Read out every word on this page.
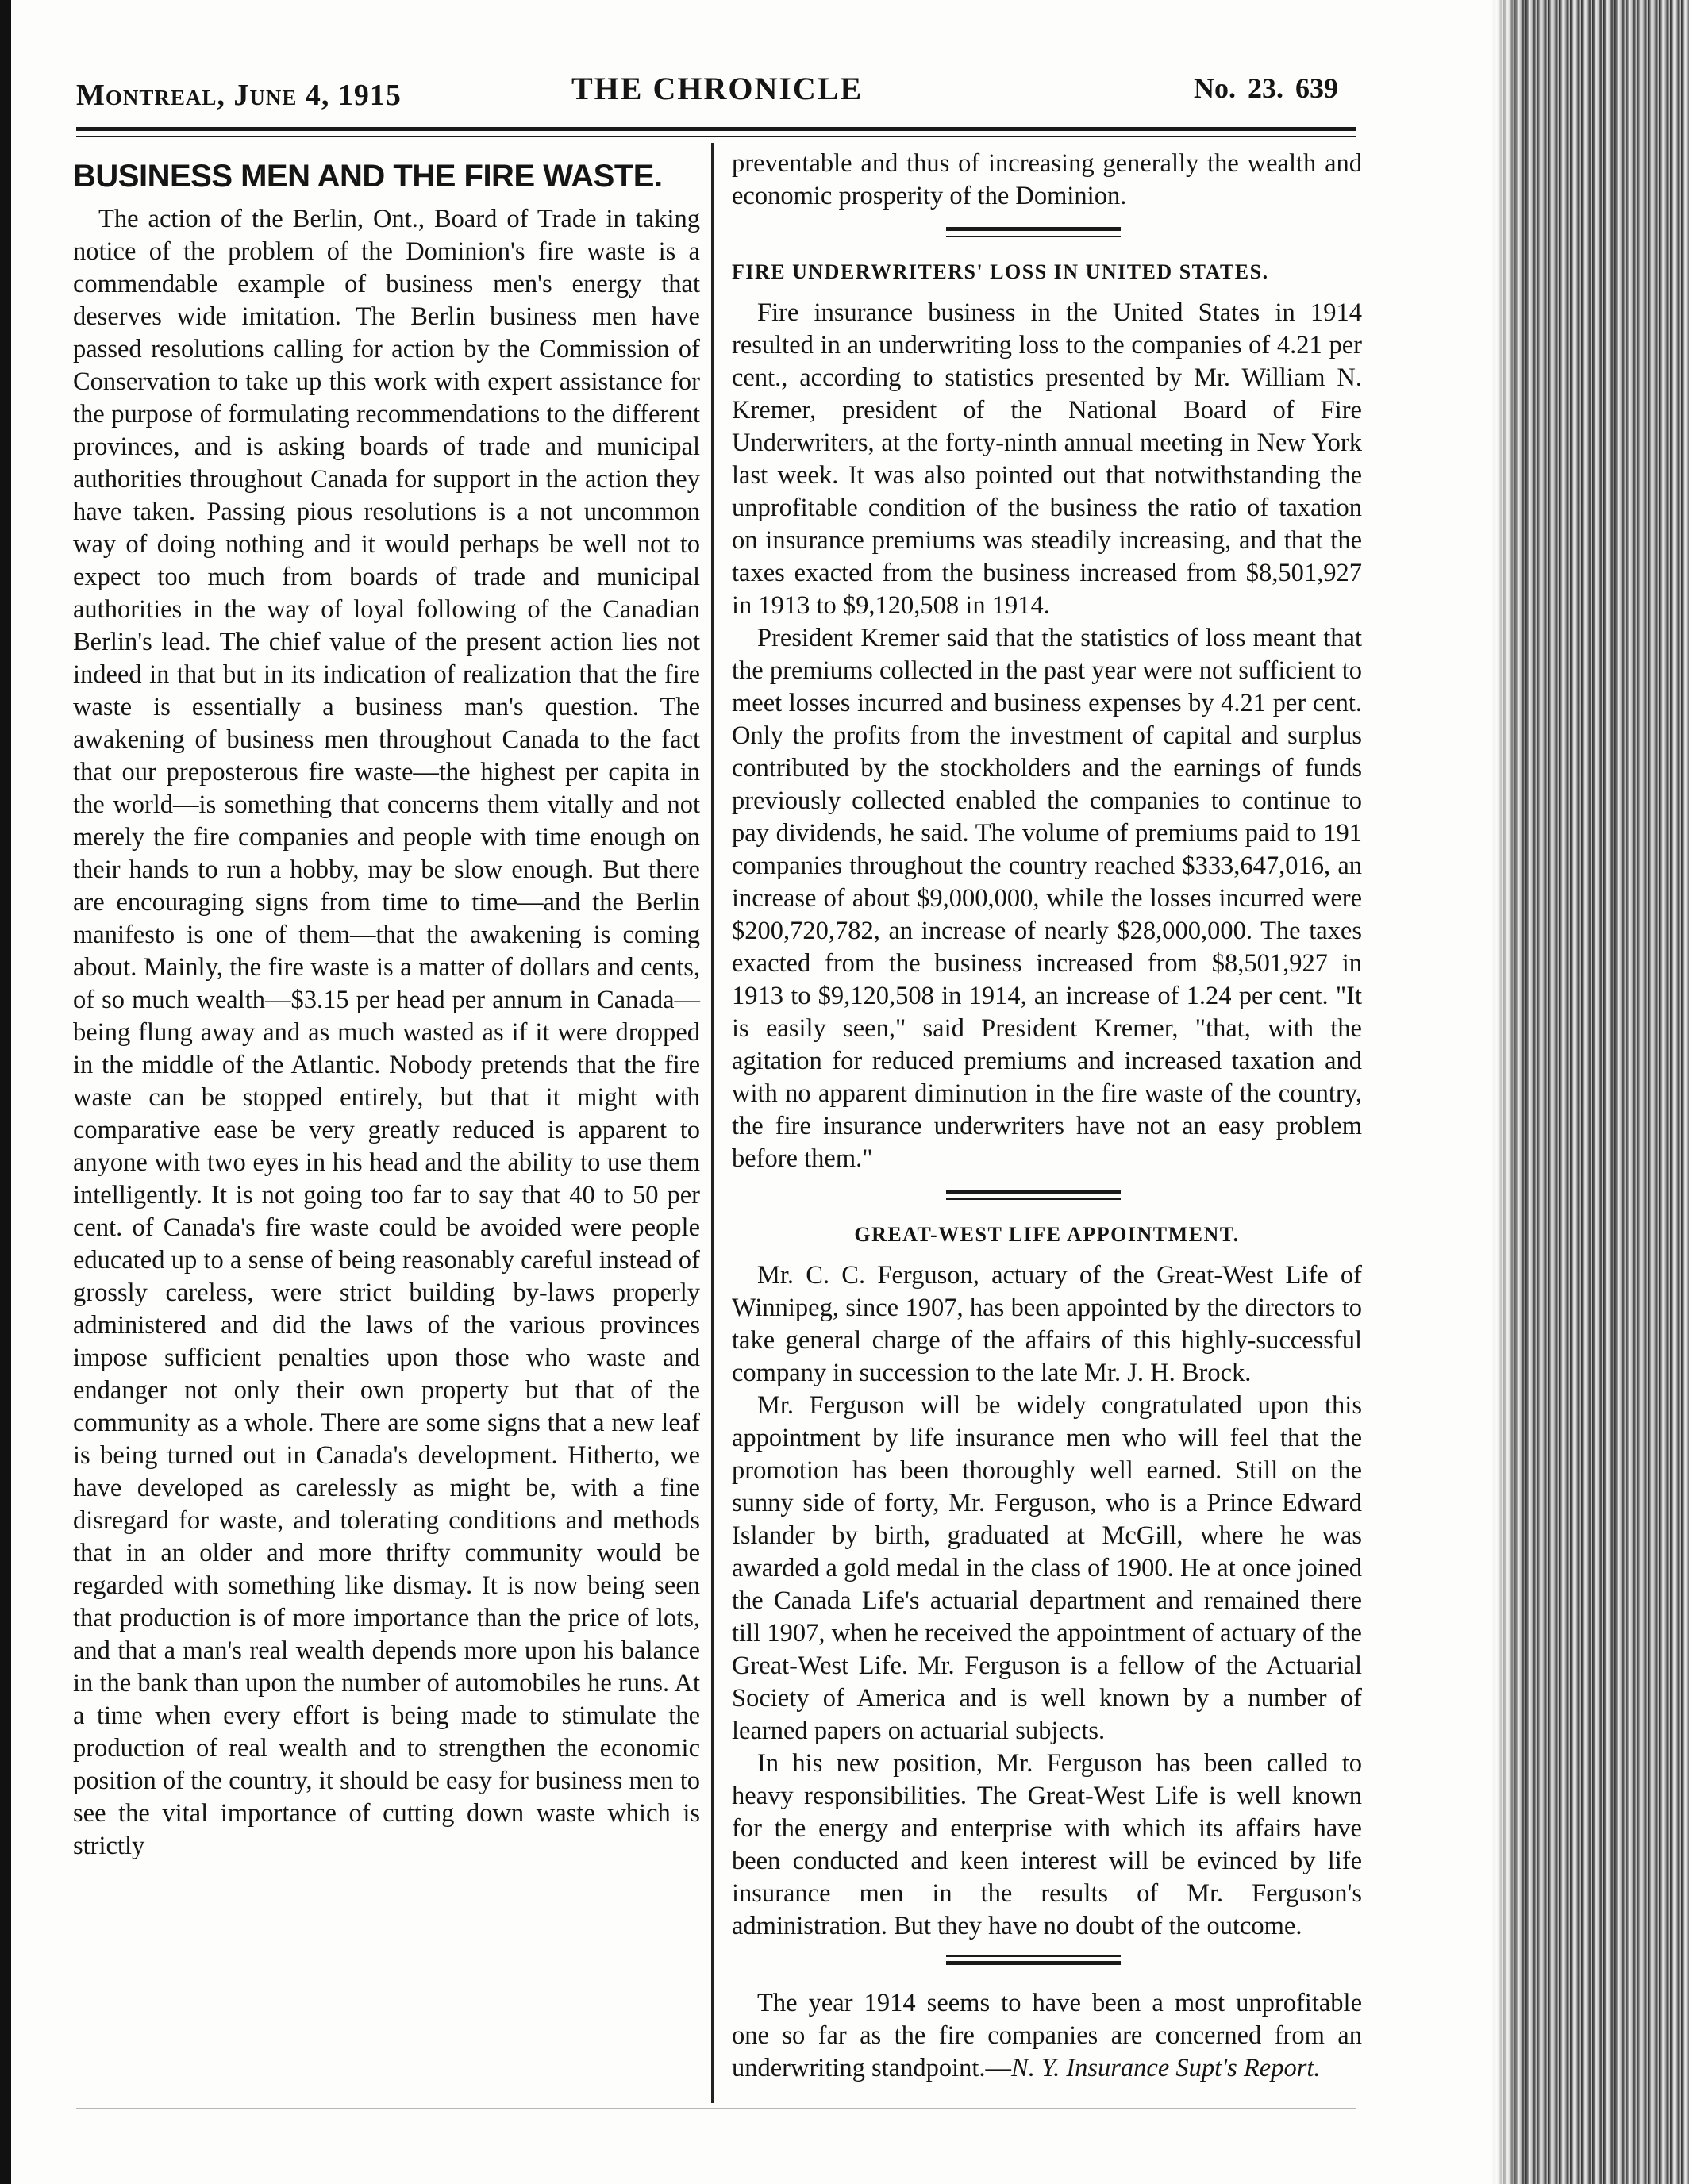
Montreal, June 4, 1915	THE CHRONICLE	No. 23. 639
BUSINESS MEN AND THE FIRE WASTE.

The action of the Berlin, Ont., Board of Trade in taking notice of the problem of the Dominion's fire waste is a commendable example of business men's energy that deserves wide imitation. The Berlin business men have passed resolutions calling for action by the Commission of Conservation to take up this work with expert assistance for the purpose of formulating recommendations to the different provinces, and is asking boards of trade and municipal authorities throughout Canada for support in the action they have taken. Passing pious resolutions is a not uncommon way of doing nothing and it would perhaps be well not to expect too much from boards of trade and municipal authorities in the way of loyal following of the Canadian Berlin's lead. The chief value of the present action lies not indeed in that but in its indication of realization that the fire waste is essentially a business man's question. The awakening of business men throughout Canada to the fact that our preposterous fire waste—the highest per capita in the world—is something that concerns them vitally and not merely the fire companies and people with time enough on their hands to run a hobby, may be slow enough. But there are encouraging signs from time to time—and the Berlin manifesto is one of them—that the awakening is coming about. Mainly, the fire waste is a matter of dollars and cents, of so much wealth—$3.15 per head per annum in Canada—being flung away and as much wasted as if it were dropped in the middle of the Atlantic. Nobody pretends that the fire waste can be stopped entirely, but that it might with comparative ease be very greatly reduced is apparent to anyone with two eyes in his head and the ability to use them intelligently. It is not going too far to say that 40 to 50 per cent. of Canada's fire waste could be avoided were people educated up to a sense of being reasonably careful instead of grossly careless, were strict building by-laws properly administered and did the laws of the various provinces impose sufficient penalties upon those who waste and endanger not only their own property but that of the community as a whole. There are some signs that a new leaf is being turned out in Canada's development. Hitherto, we have developed as carelessly as might be, with a fine disregard for waste, and tolerating conditions and methods that in an older and more thrifty community would be regarded with something like dismay. It is now being seen that production is of more importance than the price of lots, and that a man's real wealth depends more upon his balance in the bank than upon the number of automobiles he runs. At a time when every effort is being made to stimulate the production of real wealth and to strengthen the economic position of the country, it should be easy for business men to see the vital importance of cutting down waste which is strictly

preventable and thus of increasing generally the wealth and economic prosperity of the Dominion.

FIRE UNDERWRITERS' LOSS IN UNITED STATES.

Fire insurance business in the United States in 1914 resulted in an underwriting loss to the companies of 4.21 per cent., according to statistics presented by Mr. William N. Kremer, president of the National Board of Fire Underwriters, at the forty-ninth annual meeting in New York last week. It was also pointed out that notwithstanding the unprofitable condition of the business the ratio of taxation on insurance premiums was steadily increasing, and that the taxes exacted from the business increased from $8,501,927 in 1913 to $9,120,508 in 1914.

President Kremer said that the statistics of loss meant that the premiums collected in the past year were not sufficient to meet losses incurred and business expenses by 4.21 per cent. Only the profits from the investment of capital and surplus contributed by the stockholders and the earnings of funds previously collected enabled the companies to continue to pay dividends, he said. The volume of premiums paid to 191 companies throughout the country reached $333,647,016, an increase of about $9,000,000, while the losses incurred were $200,720,782, an increase of nearly $28,000,000. The taxes exacted from the business increased from $8,501,927 in 1913 to $9,120,508 in 1914, an increase of 1.24 per cent. "It is easily seen," said President Kremer, "that, with the agitation for reduced premiums and increased taxation and with no apparent diminution in the fire waste of the country, the fire insurance underwriters have not an easy problem before them."

GREAT-WEST LIFE APPOINTMENT.

Mr. C. C. Ferguson, actuary of the Great-West Life of Winnipeg, since 1907, has been appointed by the directors to take general charge of the affairs of this highly-successful company in succession to the late Mr. J. H. Brock.

Mr. Ferguson will be widely congratulated upon this appointment by life insurance men who will feel that the promotion has been thoroughly well earned. Still on the sunny side of forty, Mr. Ferguson, who is a Prince Edward Islander by birth, graduated at McGill, where he was awarded a gold medal in the class of 1900. He at once joined the Canada Life's actuarial department and remained there till 1907, when he received the appointment of actuary of the Great-West Life. Mr. Ferguson is a fellow of the Actuarial Society of America and is well known by a number of learned papers on actuarial subjects.

In his new position, Mr. Ferguson has been called to heavy responsibilities. The Great-West Life is well known for the energy and enterprise with which its affairs have been conducted and keen interest will be evinced by life insurance men in the results of Mr. Ferguson's administration. But they have no doubt of the outcome.

The year 1914 seems to have been a most unprofitable one so far as the fire companies are concerned from an underwriting standpoint.—N. Y. Insurance Supt's Report.
